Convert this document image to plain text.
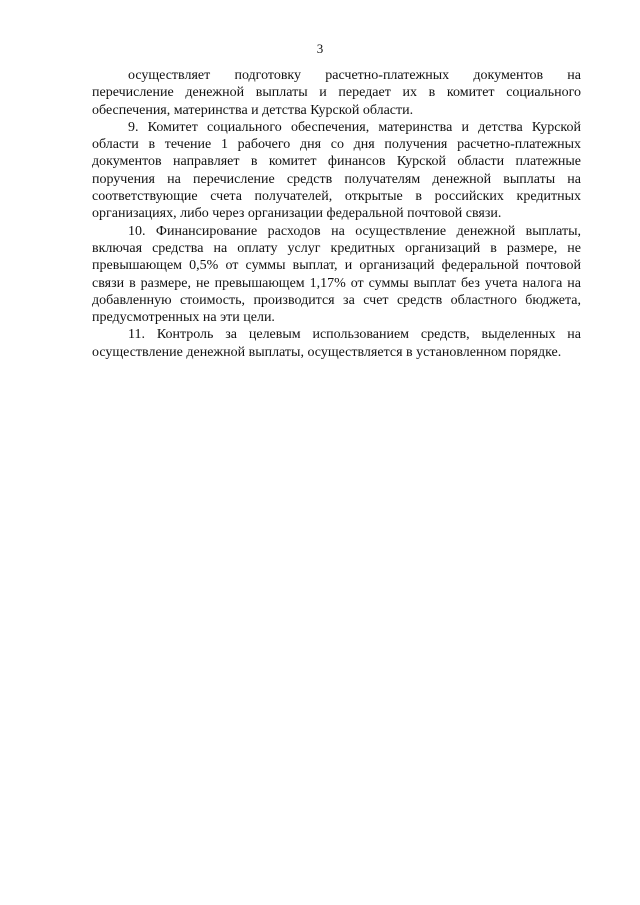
3

осуществляет подготовку расчетно-платежных документов на перечисление денежной выплаты и передает их в комитет социального обеспечения, материнства и детства Курской области.

9. Комитет социального обеспечения, материнства и детства Курской области в течение 1 рабочего дня со дня получения расчетно-платежных документов направляет в комитет финансов Курской области платежные поручения на перечисление средств получателям денежной выплаты на соответствующие счета получателей, открытые в российских кредитных организациях, либо через организации федеральной почтовой связи.

10. Финансирование расходов на осуществление денежной выплаты, включая средства на оплату услуг кредитных организаций в размере, не превышающем 0,5% от суммы выплат, и организаций федеральной почтовой связи в размере, не превышающем 1,17% от суммы выплат без учета налога на добавленную стоимость, производится за счет средств областного бюджета, предусмотренных на эти цели.

11. Контроль за целевым использованием средств, выделенных на осуществление денежной выплаты, осуществляется в установленном порядке.
